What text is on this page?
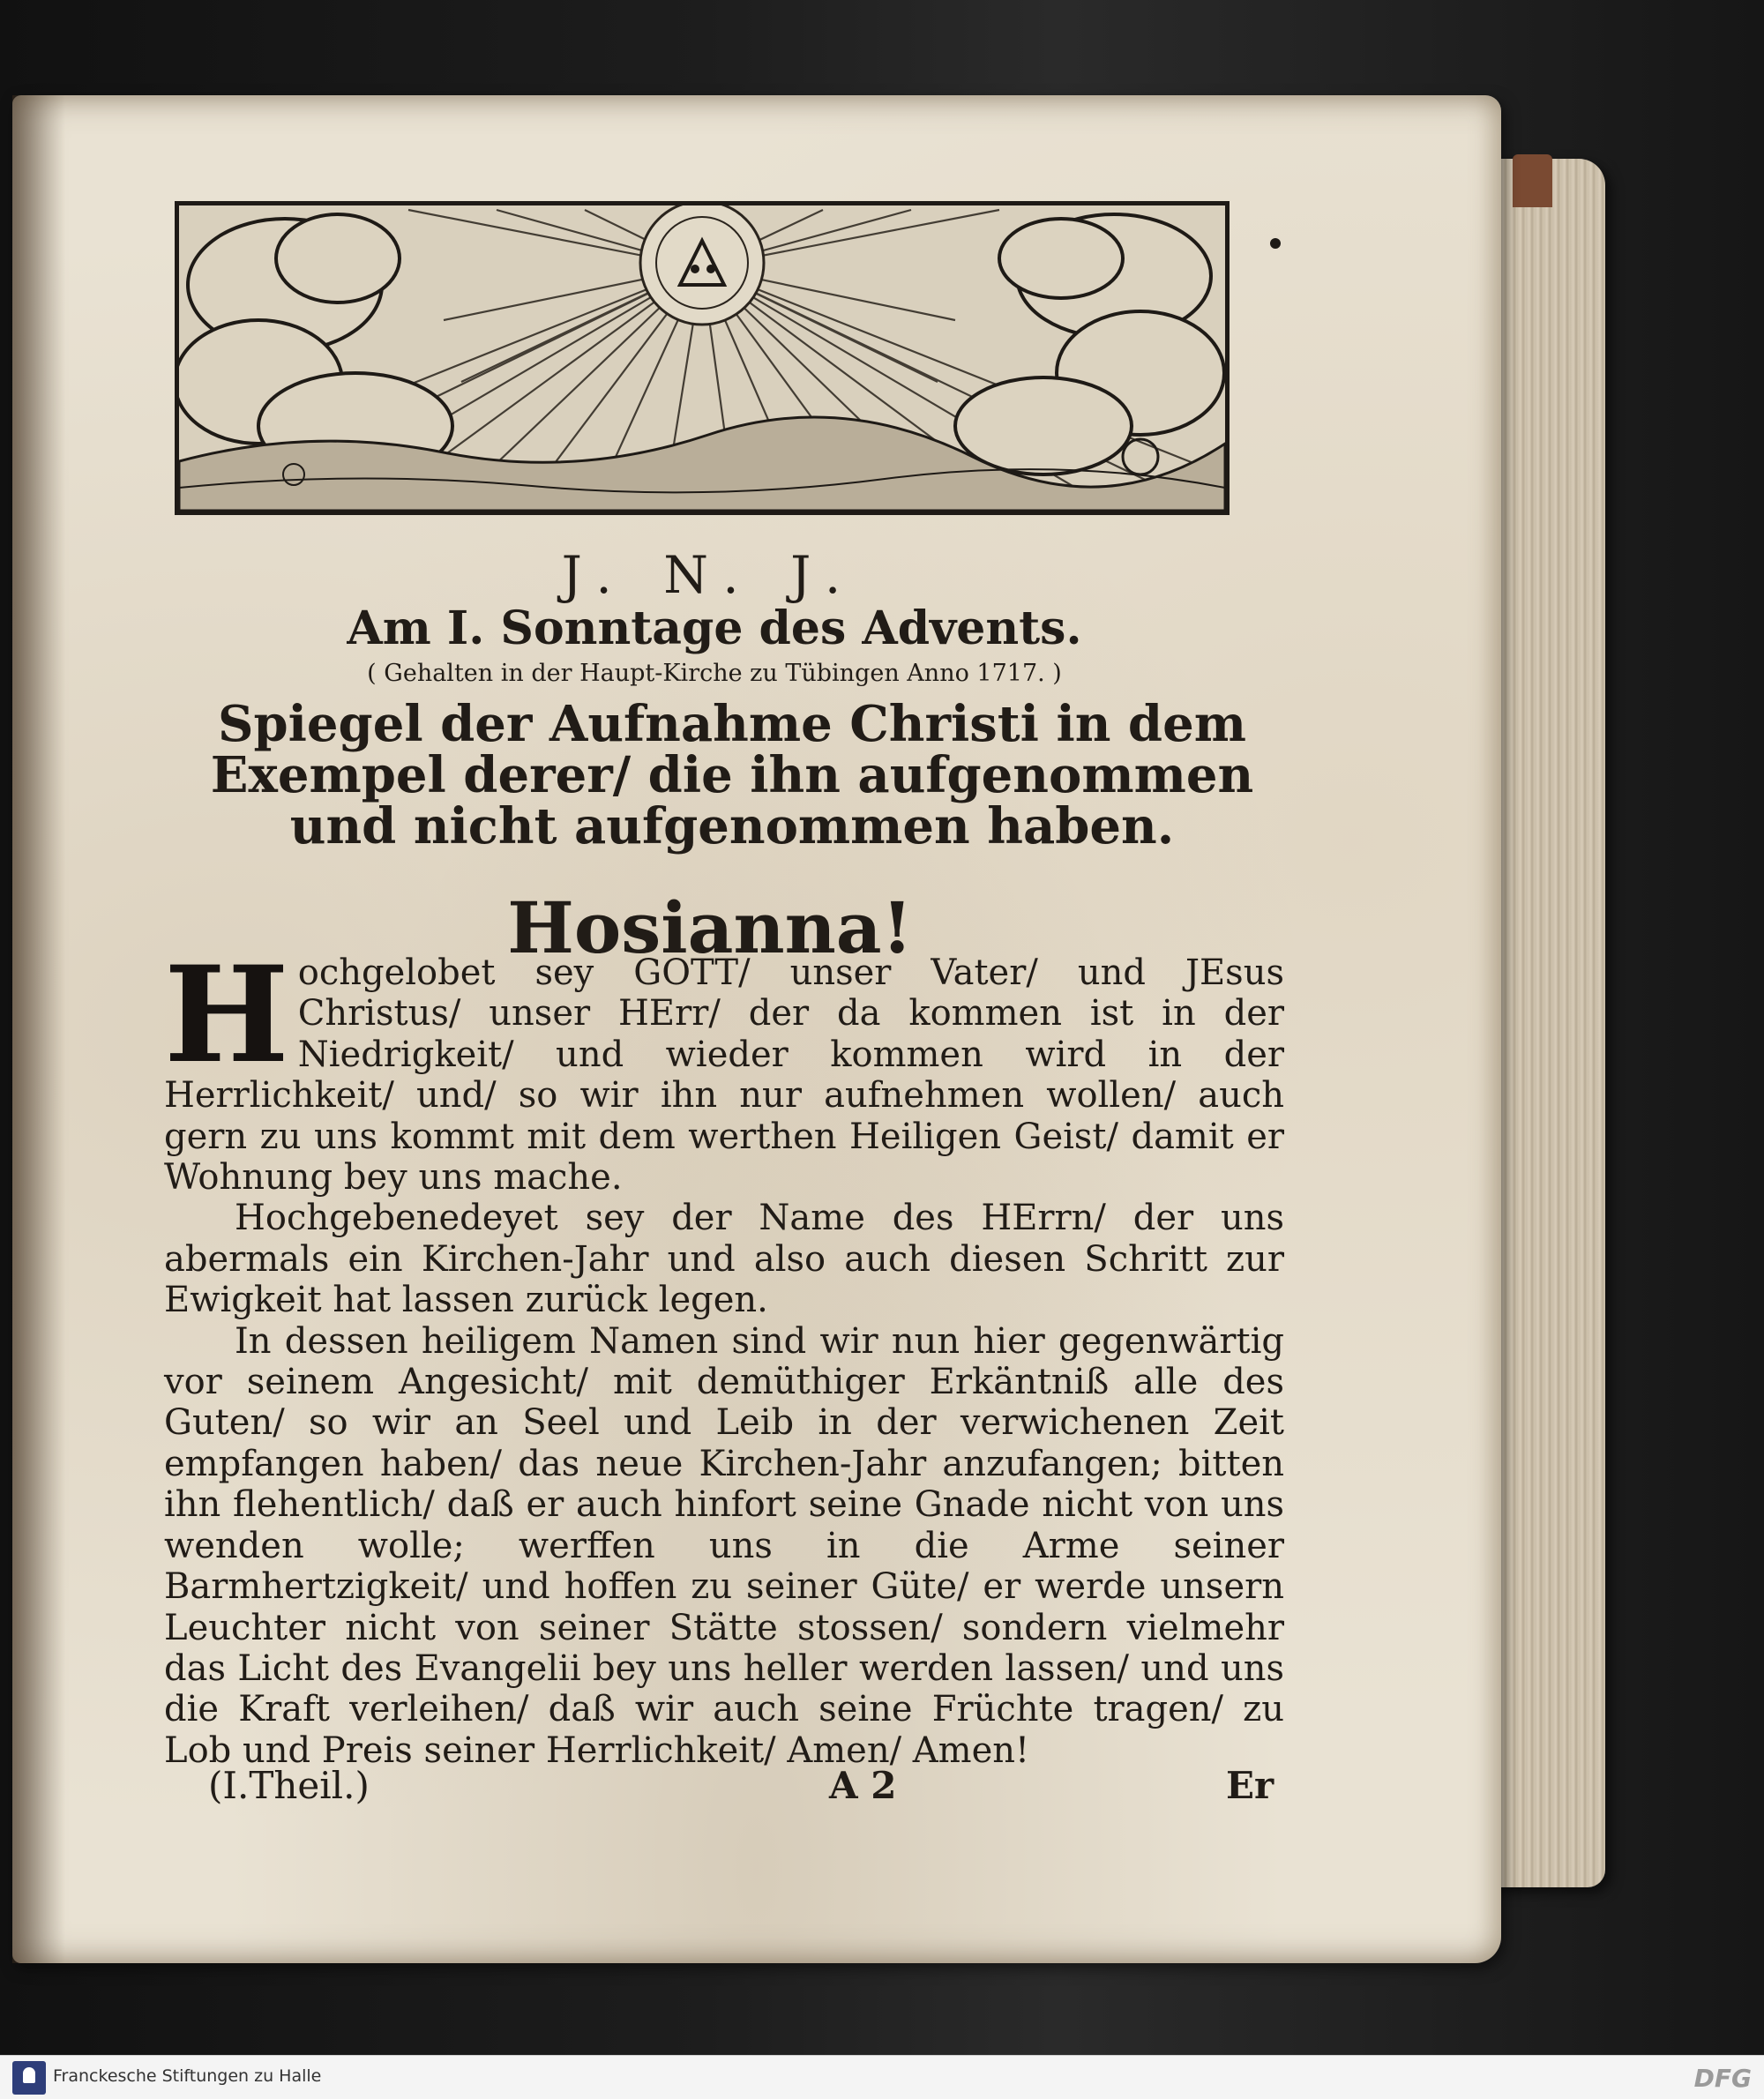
J. N. J.
Am I. Sonntage des Advents.
( Gehalten in der Haupt-Kirche zu Tübingen Anno 1717. )
Spiegel der Aufnahme Christi in dem Exempel derer/ die ihn aufgenommen und nicht aufgenommen haben.
Hosianna!

Hochgelobet sey GOTT/ unser Vater/ und JEsus Christus/ unser HErr/ der da kommen ist in der Niedrigkeit/ und wieder kommen wird in der Herrlichkeit/ und/ so wir ihn nur aufnehmen wollen/ auch gern zu uns kommt mit dem werthen Heiligen Geist/ damit er Wohnung bey uns mache.

Hochgebenedeyet sey der Name des HErrn/ der uns abermals ein Kirchen-Jahr und also auch diesen Schritt zur Ewigkeit hat lassen zurück legen.

In dessen heiligem Namen sind wir nun hier gegenwärtig vor seinem Angesicht/ mit demüthiger Erkäntniß alle des Guten/ so wir an Seel und Leib in der verwichenen Zeit empfangen haben/ das neue Kirchen-Jahr anzufangen; bitten ihn flehentlich/ daß er auch hinfort seine Gnade nicht von uns wenden wolle; werffen uns in die Arme seiner Barmhertzigkeit/ und hoffen zu seiner Güte/ er werde unsern Leuchter nicht von seiner Stätte stossen/ sondern vielmehr das Licht des Evangelii bey uns heller werden lassen/ und uns die Kraft verleihen/ daß wir auch seine Früchte tragen/ zu Lob und Preis seiner Herrlichkeit/ Amen/ Amen!

(I.Theil.)	A 2	Er
Franckesche Stiftungen zu Halle	DFG
